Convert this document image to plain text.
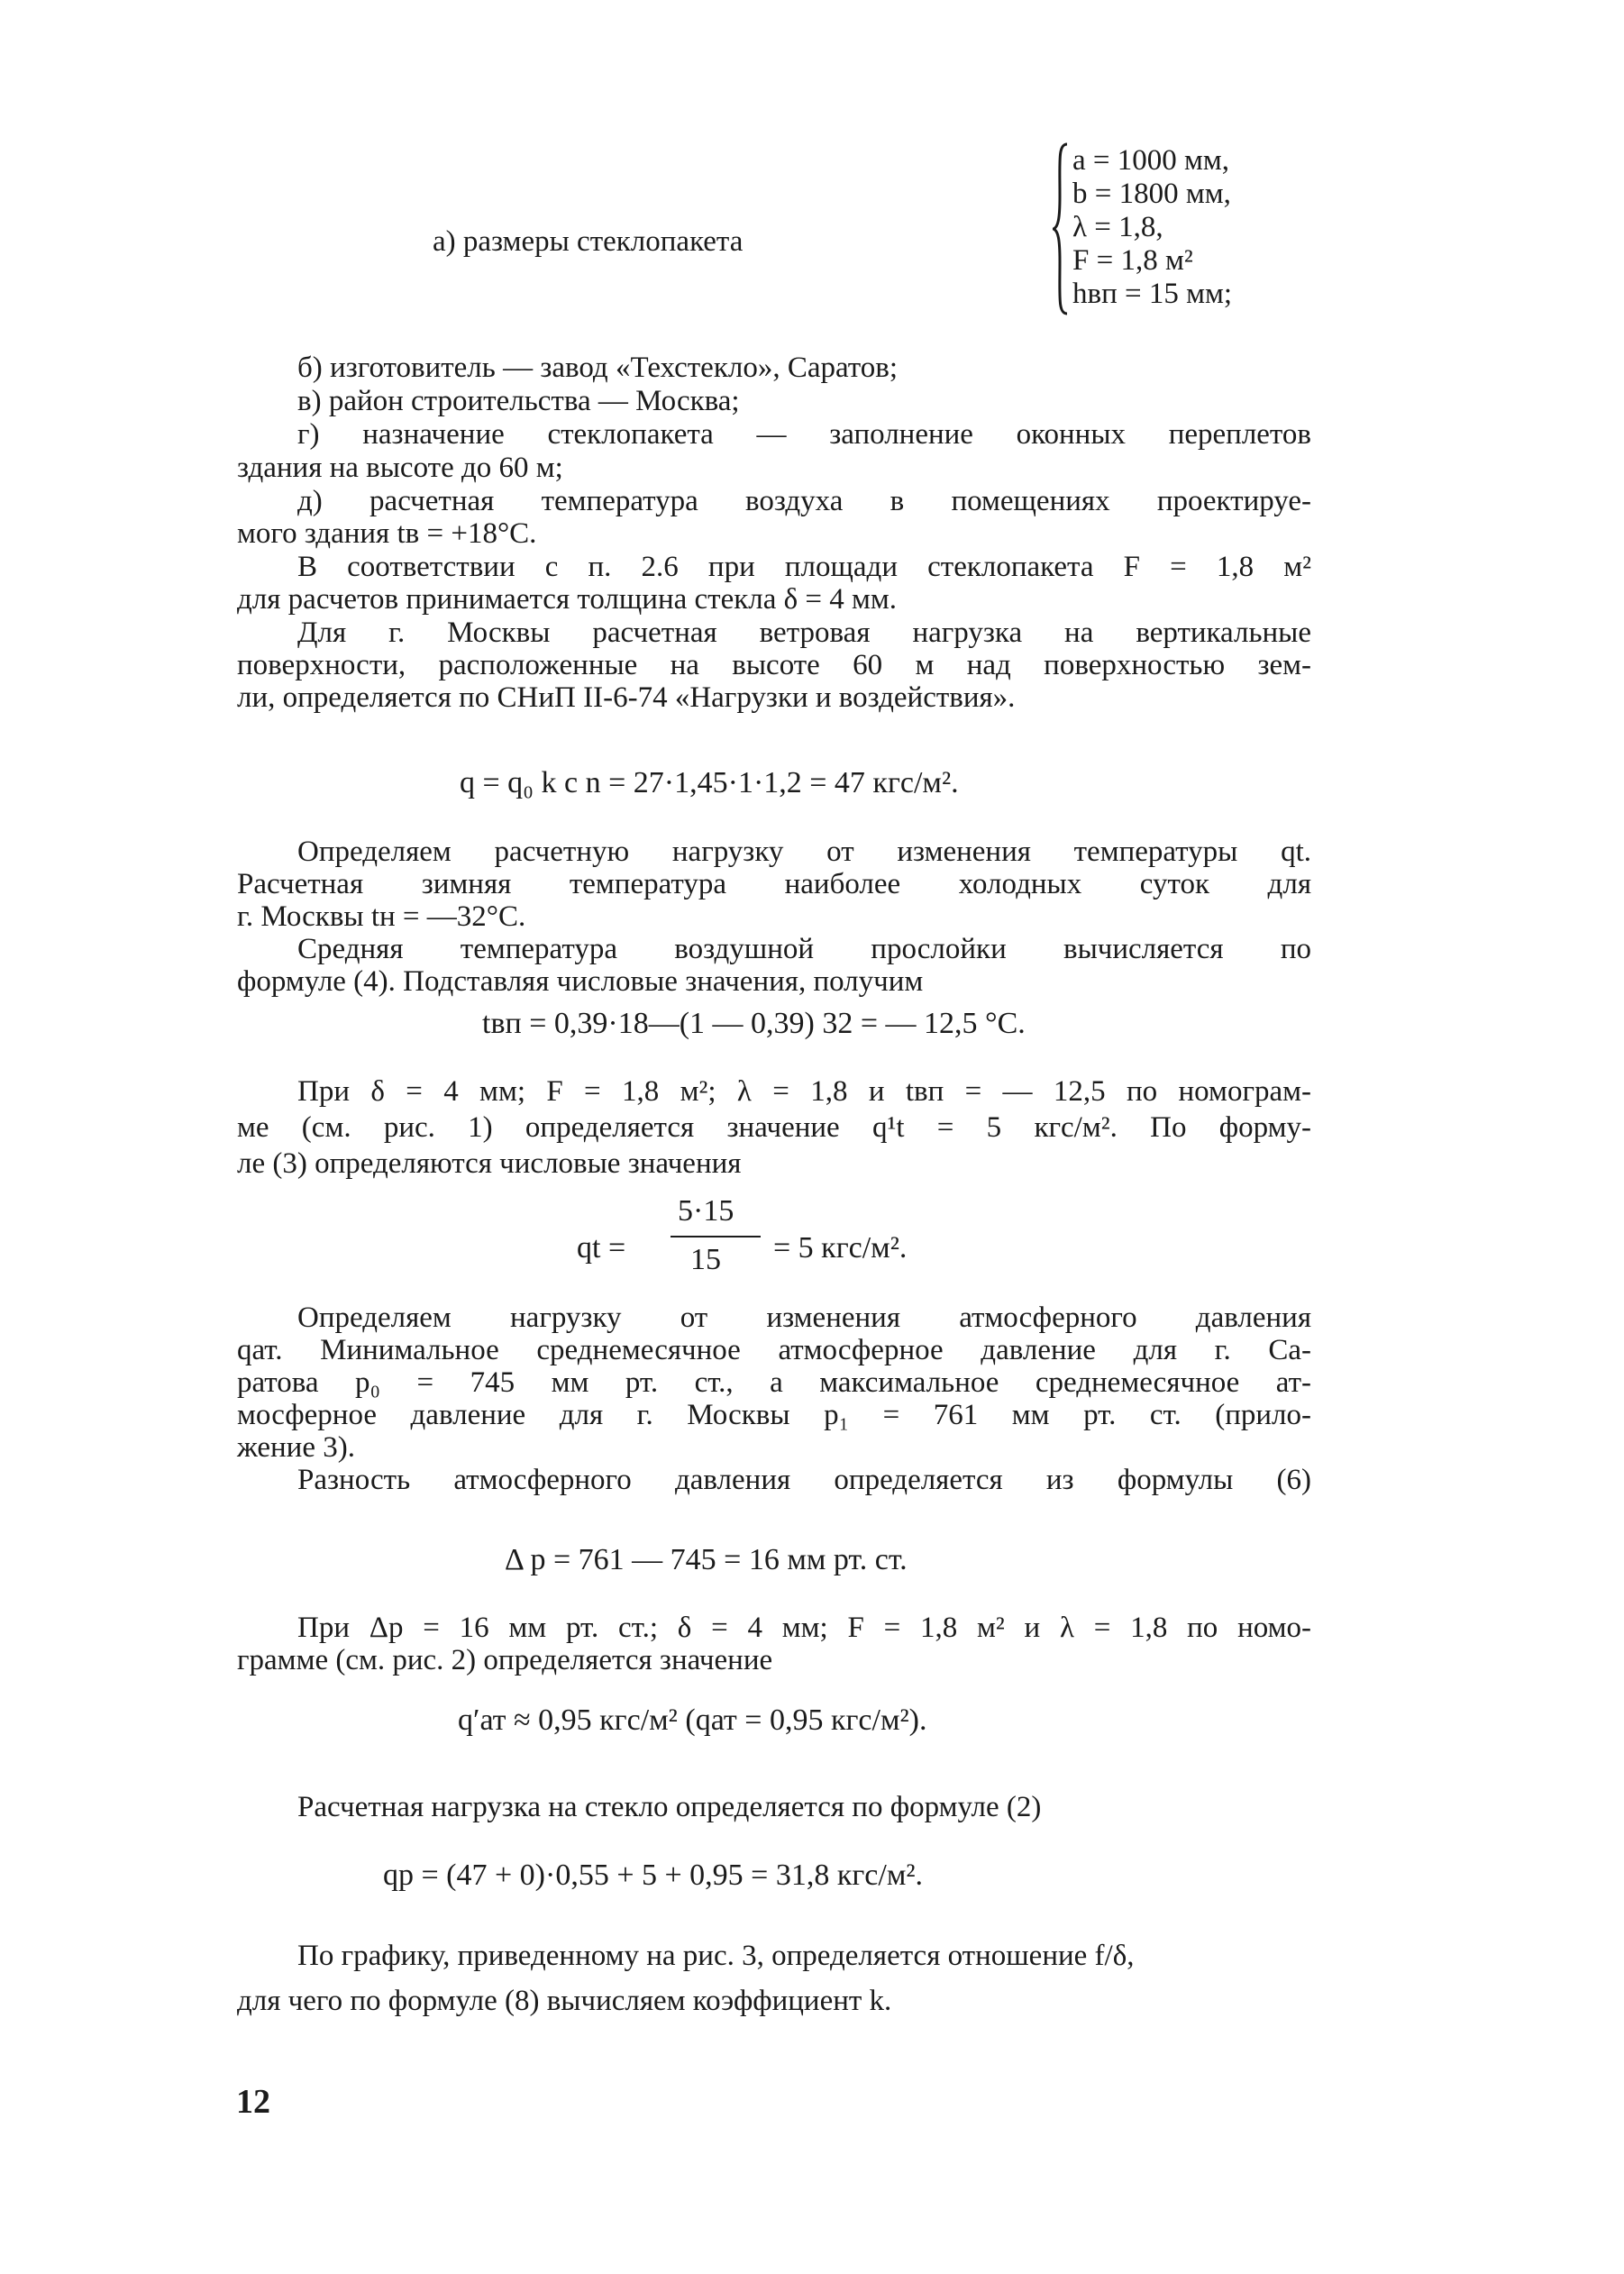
а) размеры стеклопакета
a = 1000 мм,
b = 1800 мм,
λ = 1,8,
F = 1,8 м²
hвп = 15 мм;
б) изготовитель — завод «Техстекло», Саратов;
в) район строительства — Москва;
г) назначение стеклопакета — заполнение оконных переплетов
здания на высоте до 60 м;
д) расчетная температура воздуха в помещениях проектируе-
мого здания tв = +18°С.
В соответствии с п. 2.6 при площади стеклопакета F = 1,8 м²
для расчетов принимается толщина стекла δ = 4 мм.
Для г. Москвы расчетная ветровая нагрузка на вертикальные
поверхности, расположенные на высоте 60 м над поверхностью зем-
ли, определяется по СНиП II-6-74 «Нагрузки и воздействия».
q = q₀ k c n = 27·1,45·1·1,2 = 47 кгс/м².
Определяем расчетную нагрузку от изменения температуры qt.
Расчетная зимняя температура наиболее холодных суток для
г. Москвы tн = —32°С.
Средняя температура воздушной прослойки вычисляется по
формуле (4). Подставляя числовые значения, получим
tвп = 0,39·18—(1 — 0,39) 32 = — 12,5 °С.
При δ = 4 мм; F = 1,8 м²; λ = 1,8 и tвп = — 12,5 по номограм-
ме (см. рис. 1) определяется значение q¹t = 5 кгс/м². По форму-
ле (3) определяются числовые значения
qt =
5·15
15 = 5 кгс/м².
Определяем нагрузку от изменения атмосферного давления
qат. Минимальное среднемесячное атмосферное давление для г. Са-
ратова p₀ = 745 мм рт. ст., а максимальное среднемесячное ат-
мосферное давление для г. Москвы p₁ = 761 мм рт. ст. (прило-
жение 3).
Разность атмосферного давления определяется из формулы (6)
Δ p = 761 — 745 = 16 мм рт. ст.
При Δp = 16 мм рт. ст.; δ = 4 мм; F = 1,8 м² и λ = 1,8 по номо-
грамме (см. рис. 2) определяется значение
q′ат ≈ 0,95 кгс/м² (qат = 0,95 кгс/м²).
Расчетная нагрузка на стекло определяется по формуле (2)
qр = (47 + 0)·0,55 + 5 + 0,95 = 31,8 кгс/м².
По графику, приведенному на рис. 3, определяется отношение f/δ,
для чего по формуле (8) вычисляем коэффициент k.
12
